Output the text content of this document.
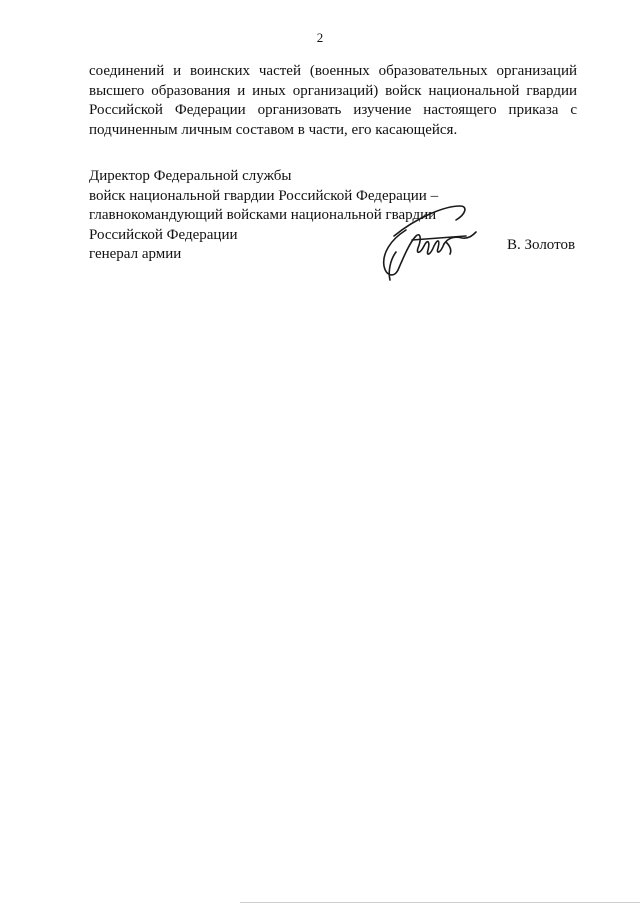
2
соединений и воинских частей (военных образовательных организаций
высшего образования и иных организаций) войск национальной гвардии
Российской Федерации организовать изучение настоящего приказа с
подчиненным личным составом в части, его касающейся.
Директор Федеральной службы
войск национальной гвардии Российской Федерации –
главнокомандующий войсками национальной гвардии
Российской Федерации
генерал армии
В. Золотов
